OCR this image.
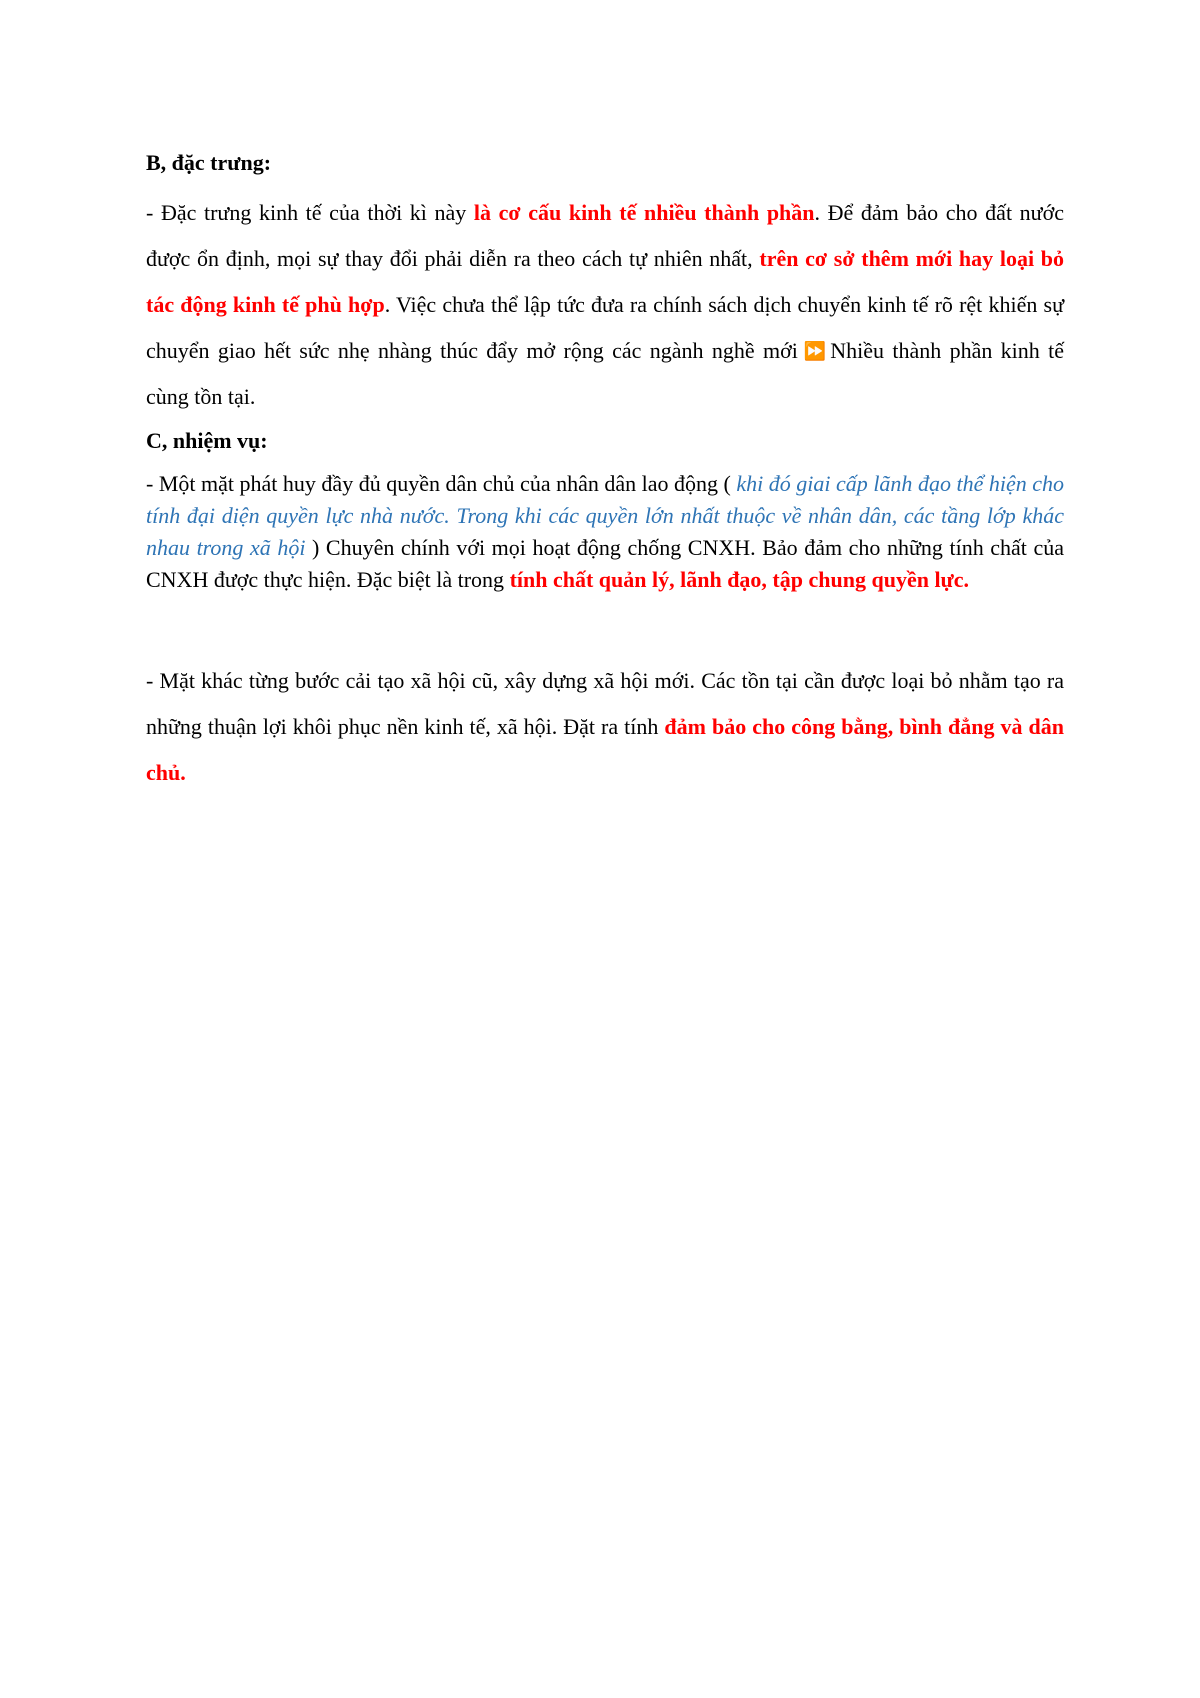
B, đặc trưng:

- Đặc trưng kinh tế của thời kì này là cơ cấu kinh tế nhiều thành phần. Để đảm bảo cho đất nước được ổn định, mọi sự thay đổi phải diễn ra theo cách tự nhiên nhất, trên cơ sở thêm mới hay loại bỏ tác động kinh tế phù hợp. Việc chưa thể lập tức đưa ra chính sách dịch chuyển kinh tế rõ rệt khiến sự chuyển giao hết sức nhẹ nhàng thúc đẩy mở rộng các ngành nghề mới ⏩ Nhiều thành phần kinh tế cùng tồn tại.

C, nhiệm vụ:

- Một mặt phát huy đầy đủ quyền dân chủ của nhân dân lao động ( khi đó giai cấp lãnh đạo thể hiện cho tính đại diện quyền lực nhà nước. Trong khi các quyền lớn nhất thuộc về nhân dân, các tầng lớp khác nhau trong xã hội ) Chuyên chính với mọi hoạt động chống CNXH. Bảo đảm cho những tính chất của CNXH được thực hiện. Đặc biệt là trong tính chất quản lý, lãnh đạo, tập chung quyền lực.

- Mặt khác từng bước cải tạo xã hội cũ, xây dựng xã hội mới. Các tồn tại cần được loại bỏ nhằm tạo ra những thuận lợi khôi phục nền kinh tế, xã hội. Đặt ra tính đảm bảo cho công bằng, bình đẳng và dân chủ.
